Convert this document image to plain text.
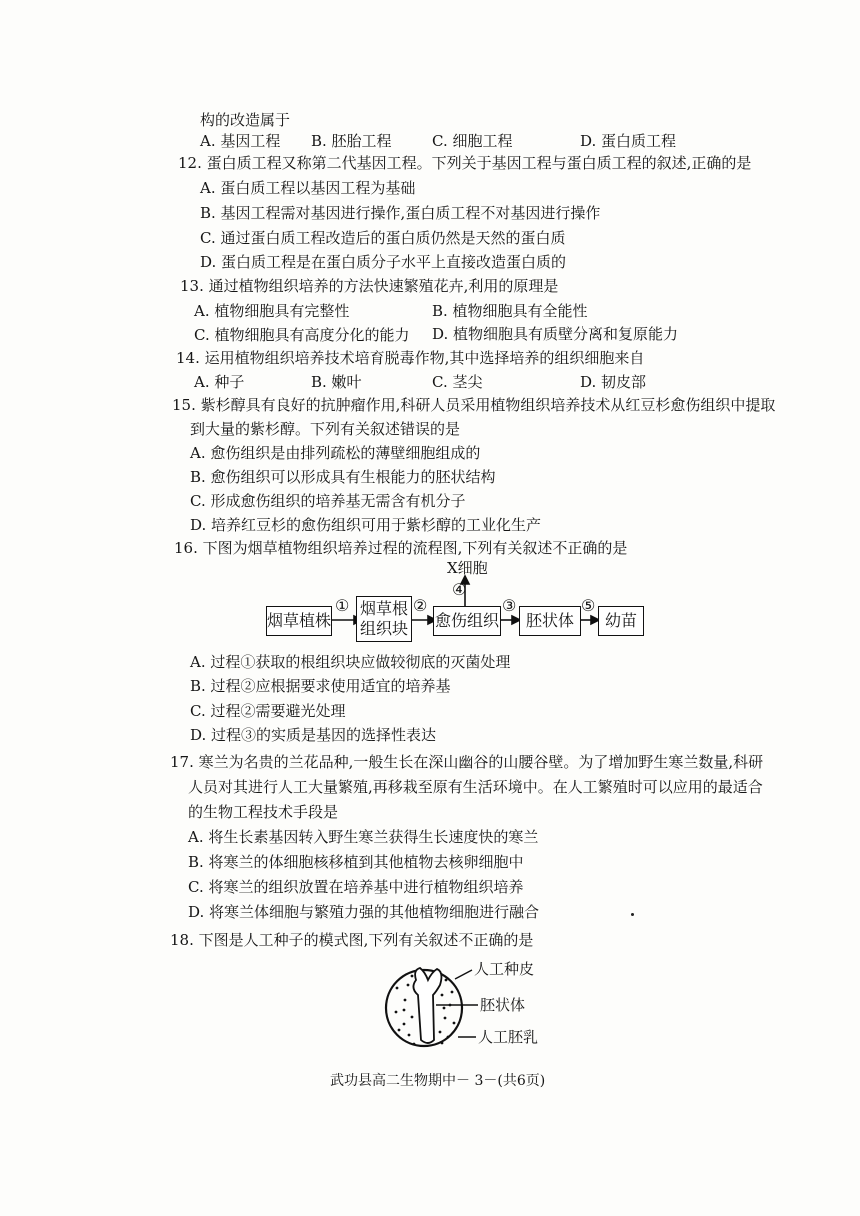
构的改造属于
A. 基因工程 B. 胚胎工程	C. 细胞工程	D. 蛋白质工程
12. 蛋白质工程又称第二代基因工程。下列关于基因工程与蛋白质工程的叙述,正确的是
A. 蛋白质工程以基因工程为基础
B. 基因工程需对基因进行操作,蛋白质工程不对基因进行操作
C. 通过蛋白质工程改造后的蛋白质仍然是天然的蛋白质
D. 蛋白质工程是在蛋白质分子水平上直接改造蛋白质的
13. 通过植物组织培养的方法快速繁殖花卉,利用的原理是
A. 植物细胞具有完整性	B. 植物细胞具有全能性
C. 植物细胞具有高度分化的能力 D. 植物细胞具有质壁分离和复原能力
14. 运用植物组织培养技术培育脱毒作物,其中选择培养的组织细胞来自
A. 种子	B. 嫩叶	C. 茎尖	D. 韧皮部
15. 紫杉醇具有良好的抗肿瘤作用,科研人员采用植物组织培养技术从红豆杉愈伤组织中提取
到大量的紫杉醇。下列有关叙述错误的是
A. 愈伤组织是由排列疏松的薄壁细胞组成的
B. 愈伤组织可以形成具有生根能力的胚状结构
C. 形成愈伤组织的培养基无需含有机分子
D. 培养红豆杉的愈伤组织可用于紫杉醇的工业化生产
16. 下图为烟草植物组织培养过程的流程图,下列有关叙述不正确的是
烟草植株
烟草根
组织块 愈伤组织 胚状体 幼苗
①	②	③
④
⑤
X细胞
A. 过程①获取的根组织块应做较彻底的灭菌处理
B. 过程②应根据要求使用适宜的培养基
C. 过程②需要避光处理
D. 过程③的实质是基因的选择性表达
17. 寒兰为名贵的兰花品种,一般生长在深山幽谷的山腰谷壁。为了增加野生寒兰数量,科研
人员对其进行人工大量繁殖,再移栽至原有生活环境中。在人工繁殖时可以应用的最适合
的生物工程技术手段是
A. 将生长素基因转入野生寒兰获得生长速度快的寒兰
B. 将寒兰的体细胞核移植到其他植物去核卵细胞中
C. 将寒兰的组织放置在培养基中进行植物组织培养
D. 将寒兰体细胞与繁殖力强的其他植物细胞进行融合
18. 下图是人工种子的模式图,下列有关叙述不正确的是
人工种皮
胚状体
人工胚乳
武功县高二生物期中－ 3－(共6页)
